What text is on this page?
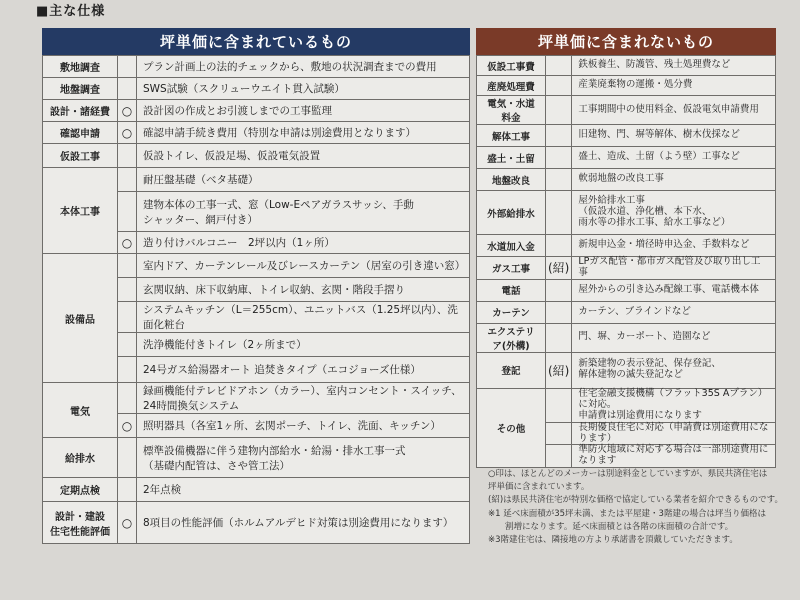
■主な仕様
坪単価に含まれているもの	坪単価に含まれないもの
敷地調査		プラン計画上の法的チェックから、敷地の状況調査までの費用
地盤調査		SWS試験（スクリューウエイト貫入試験）
設計・諸経費	○	設計図の作成とお引渡しまでの工事監理
確認申請	○	確認申請手続き費用（特別な申請は別途費用となります）
仮設工事		仮設トイレ、仮設足場、仮設電気設置
本体工事		耐圧盤基礎（ベタ基礎）
		建物本体の工事一式、窓（Low-Eペアガラスサッシ、手動
シャッター、網戸付き）
	○	造り付けバルコニー　2坪以内（1ヶ所）
設備品		室内ドア、カーテンレール及びレースカーテン（居室の引き違い窓）
		玄関収納、床下収納庫、トイレ収納、玄関・階段手摺り
		システムキッチン（L＝255cm）、ユニットバス（1.25坪以内）、洗面化粧台
		洗浄機能付きトイレ（2ヶ所まで）
		24号ガス給湯器オート 追焚きタイプ（エコジョーズ仕様）
電気		録画機能付テレビドアホン（カラー）、室内コンセント・スイッチ、24時間換気システム
	○	照明器具（各室1ヶ所、玄関ポーチ、トイレ、洗面、キッチン）
給排水		標準設備機器に伴う建物内部給水・給湯・排水工事一式
（基礎内配管は、さや管工法）
定期点検		2年点検
設計・建設
住宅性能評価	○	8項目の性能評価（ホルムアルデヒド対策は別途費用になります）
仮設工事費		鉄板養生、防護管、残土処理費など
産廃処理費		産業廃棄物の運搬・処分費
電気・水道料金		工事期間中の使用料金、仮設電気申請費用
解体工事		旧建物、門、塀等解体、樹木伐採など
盛土・土留		盛土、造成、土留（よう壁）工事など
地盤改良		軟弱地盤の改良工事
外部給排水		屋外給排水工事
（仮設水道、浄化槽、本下水、
雨水等の排水工事、給水工事など）
水道加入金		新規申込金・増径時申込金、手数料など
ガス工事	(紹)	LPガス配管・都市ガス配管及び取り出し工事
電話		屋外からの引き込み配線工事、電話機本体
カーテン		カーテン、ブラインドなど
エクステリア(外構)		門、塀、カーポート、造園など
登記	(紹)	新築建物の表示登記、保存登記、
解体建物の滅失登記など
その他		住宅金融支援機構（フラット35S Aプラン）に対応。
申請費は別途費用になります
		長期優良住宅に対応（申請費は別途費用になります）
		準防火地域に対応する場合は一部別途費用になります
○印は、ほとんどのメーカーは別途料金としていますが、県民共済住宅は
坪単価に含まれています。
(紹)は県民共済住宅が特別な価格で協定している業者を紹介できるものです。
※1 延べ床面積が35坪未満、または平屋建・3階建の場合は坪当り価格は
　　割増になります。延べ床面積とは各階の床面積の合計です。
※3階建住宅は、隣接地の方より承諾書を頂戴していただきます。
